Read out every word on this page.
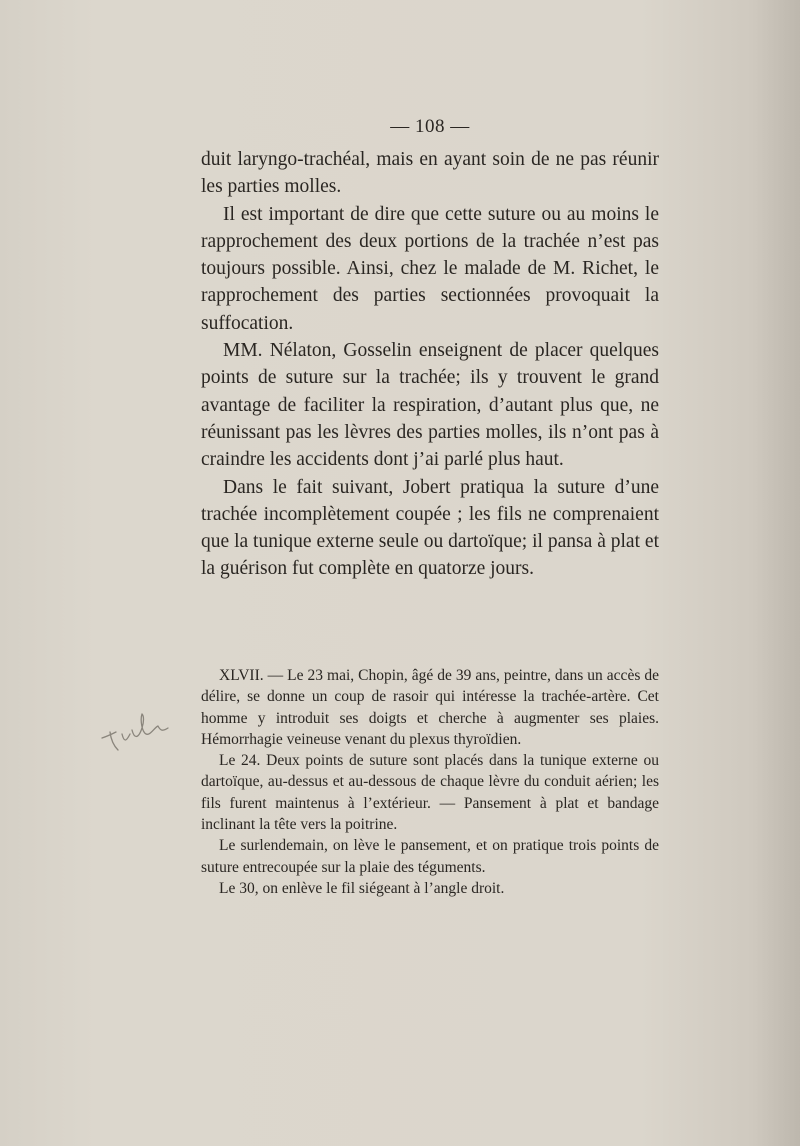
— 108 —

duit laryngo-trachéal, mais en ayant soin de ne pas réunir les parties molles.

Il est important de dire que cette suture ou au moins le rapprochement des deux portions de la trachée n’est pas toujours possible. Ainsi, chez le malade de M. Richet, le rapprochement des parties sectionnées provoquait la suffocation.

MM. Nélaton, Gosselin enseignent de placer quelques points de suture sur la trachée; ils y trouvent le grand avantage de faciliter la respiration, d’autant plus que, ne réunissant pas les lèvres des parties molles, ils n’ont pas à craindre les accidents dont j’ai parlé plus haut.

Dans le fait suivant, Jobert pratiqua la suture d’une trachée incomplètement coupée ; les fils ne comprenaient que la tunique externe seule ou dartoïque; il pansa à plat et la guérison fut complète en quatorze jours.

XLVII. — Le 23 mai, Chopin, âgé de 39 ans, peintre, dans un accès de délire, se donne un coup de rasoir qui intéresse la trachée-artère. Cet homme y introduit ses doigts et cherche à augmenter ses plaies. Hémorrhagie veineuse venant du plexus thyroïdien.

Le 24. Deux points de suture sont placés dans la tunique externe ou dartoïque, au-dessus et au-dessous de chaque lèvre du conduit aérien; les fils furent maintenus à l’extérieur. — Pansement à plat et bandage inclinant la tête vers la poitrine.

Le surlendemain, on lève le pansement, et on pratique trois points de suture entrecoupée sur la plaie des téguments.

Le 30, on enlève le fil siégeant à l’angle droit.
